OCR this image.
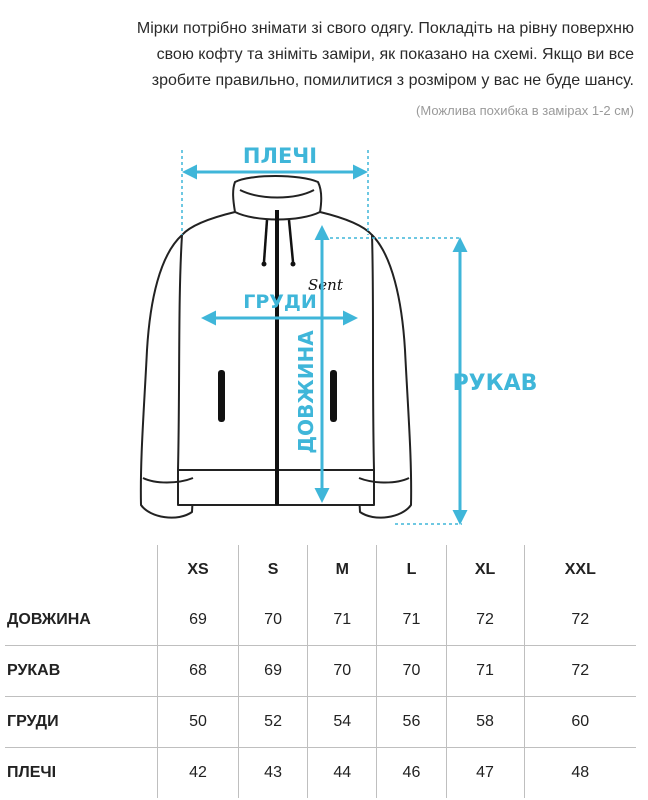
Мірки потрібно знімати зі свого одягу. Покладіть на рівну поверхню
свою кофту та зніміть заміри, як показано на схемі. Якщо ви все
зробите правильно, помилитися з розміром у вас не буде шансу.
(Можлива похибка в замірах 1-2 см)
Sent
ПЛЕЧІ
ГРУДИ
ДОВЖИНА	РУКАВ
	XS	S	M	L	XL	XXL
ДОВЖИНА	69	70	71	71	72	72
РУКАВ	68	69	70	70	71	72
ГРУДИ	50	52	54	56	58	60
ПЛЕЧІ	42	43	44	46	47	48
